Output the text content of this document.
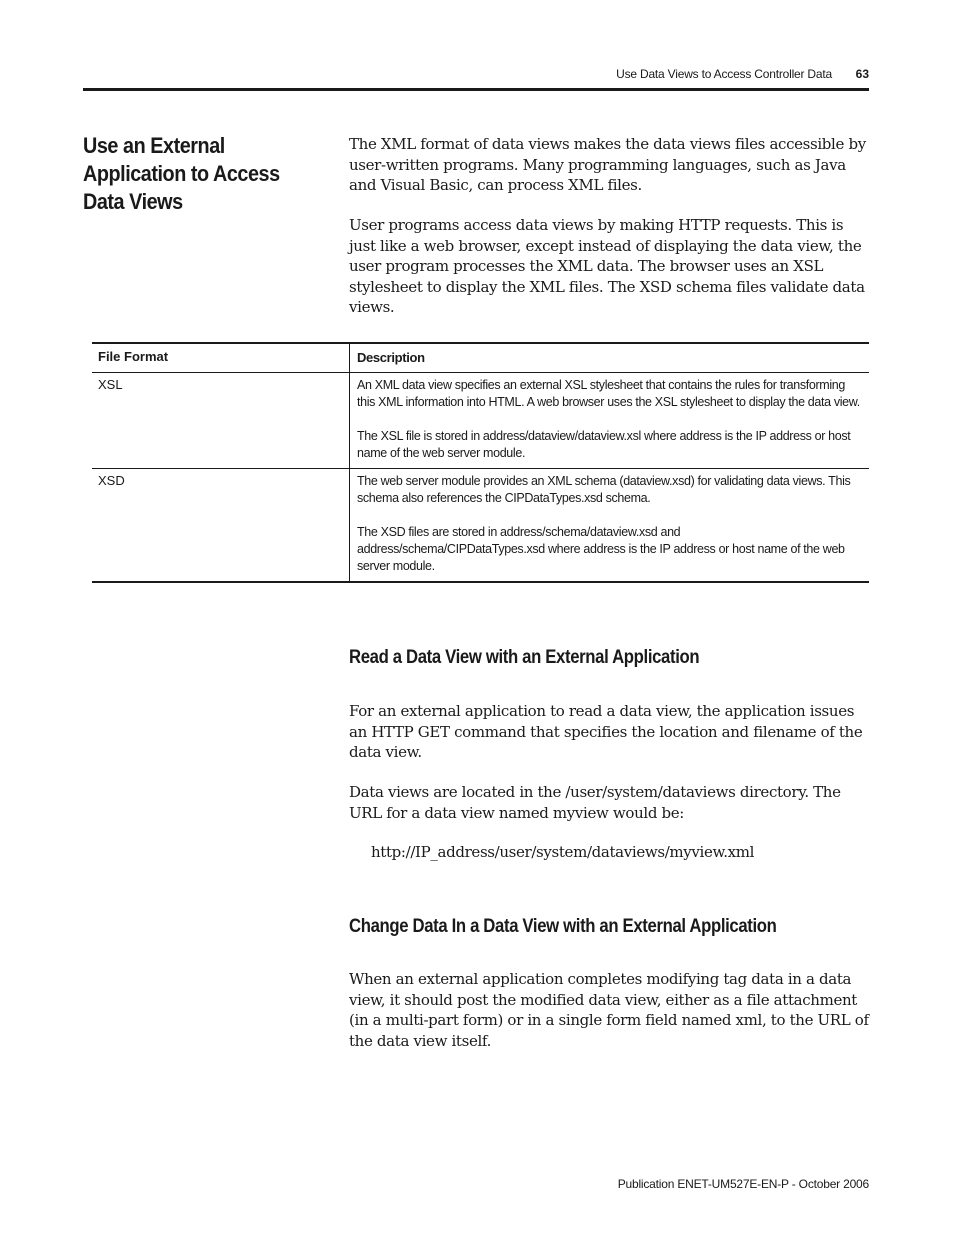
Use Data Views to Access Controller Data	63
Use an External Application to Access Data Views

The XML format of data views makes the data views files accessible by user-written programs. Many programming languages, such as Java and Visual Basic, can process XML files.

User programs access data views by making HTTP requests. This is just like a web browser, except instead of displaying the data view, the user program processes the XML data. The browser uses an XSL stylesheet to display the XML files. The XSD schema files validate data views.

File Format	Description
XSL	An XML data view specifies an external XSL stylesheet that contains the rules for transforming this XML information into HTML. A web browser uses the XSL stylesheet to display the data view.

The XSL file is stored in address/dataview/dataview.xsl where address is the IP address or host name of the web server module.

XSD	The web server module provides an XML schema (dataview.xsd) for validating data views. This schema also references the CIPDataTypes.xsd schema.

The XSD files are stored in address/schema/dataview.xsd and address/schema/CIPDataTypes.xsd where address is the IP address or host name of the web server module.

Read a Data View with an External Application

For an external application to read a data view, the application issues an HTTP GET command that specifies the location and filename of the data view.

Data views are located in the /user/system/dataviews directory. The URL for a data view named myview would be:

http://IP_address/user/system/dataviews/myview.xml
Change Data In a Data View with an External Application

When an external application completes modifying tag data in a data view, it should post the modified data view, either as a file attachment (in a multi-part form) or in a single form field named xml, to the URL of the data view itself.

Publication ENET-UM527E-EN-P - October 2006
